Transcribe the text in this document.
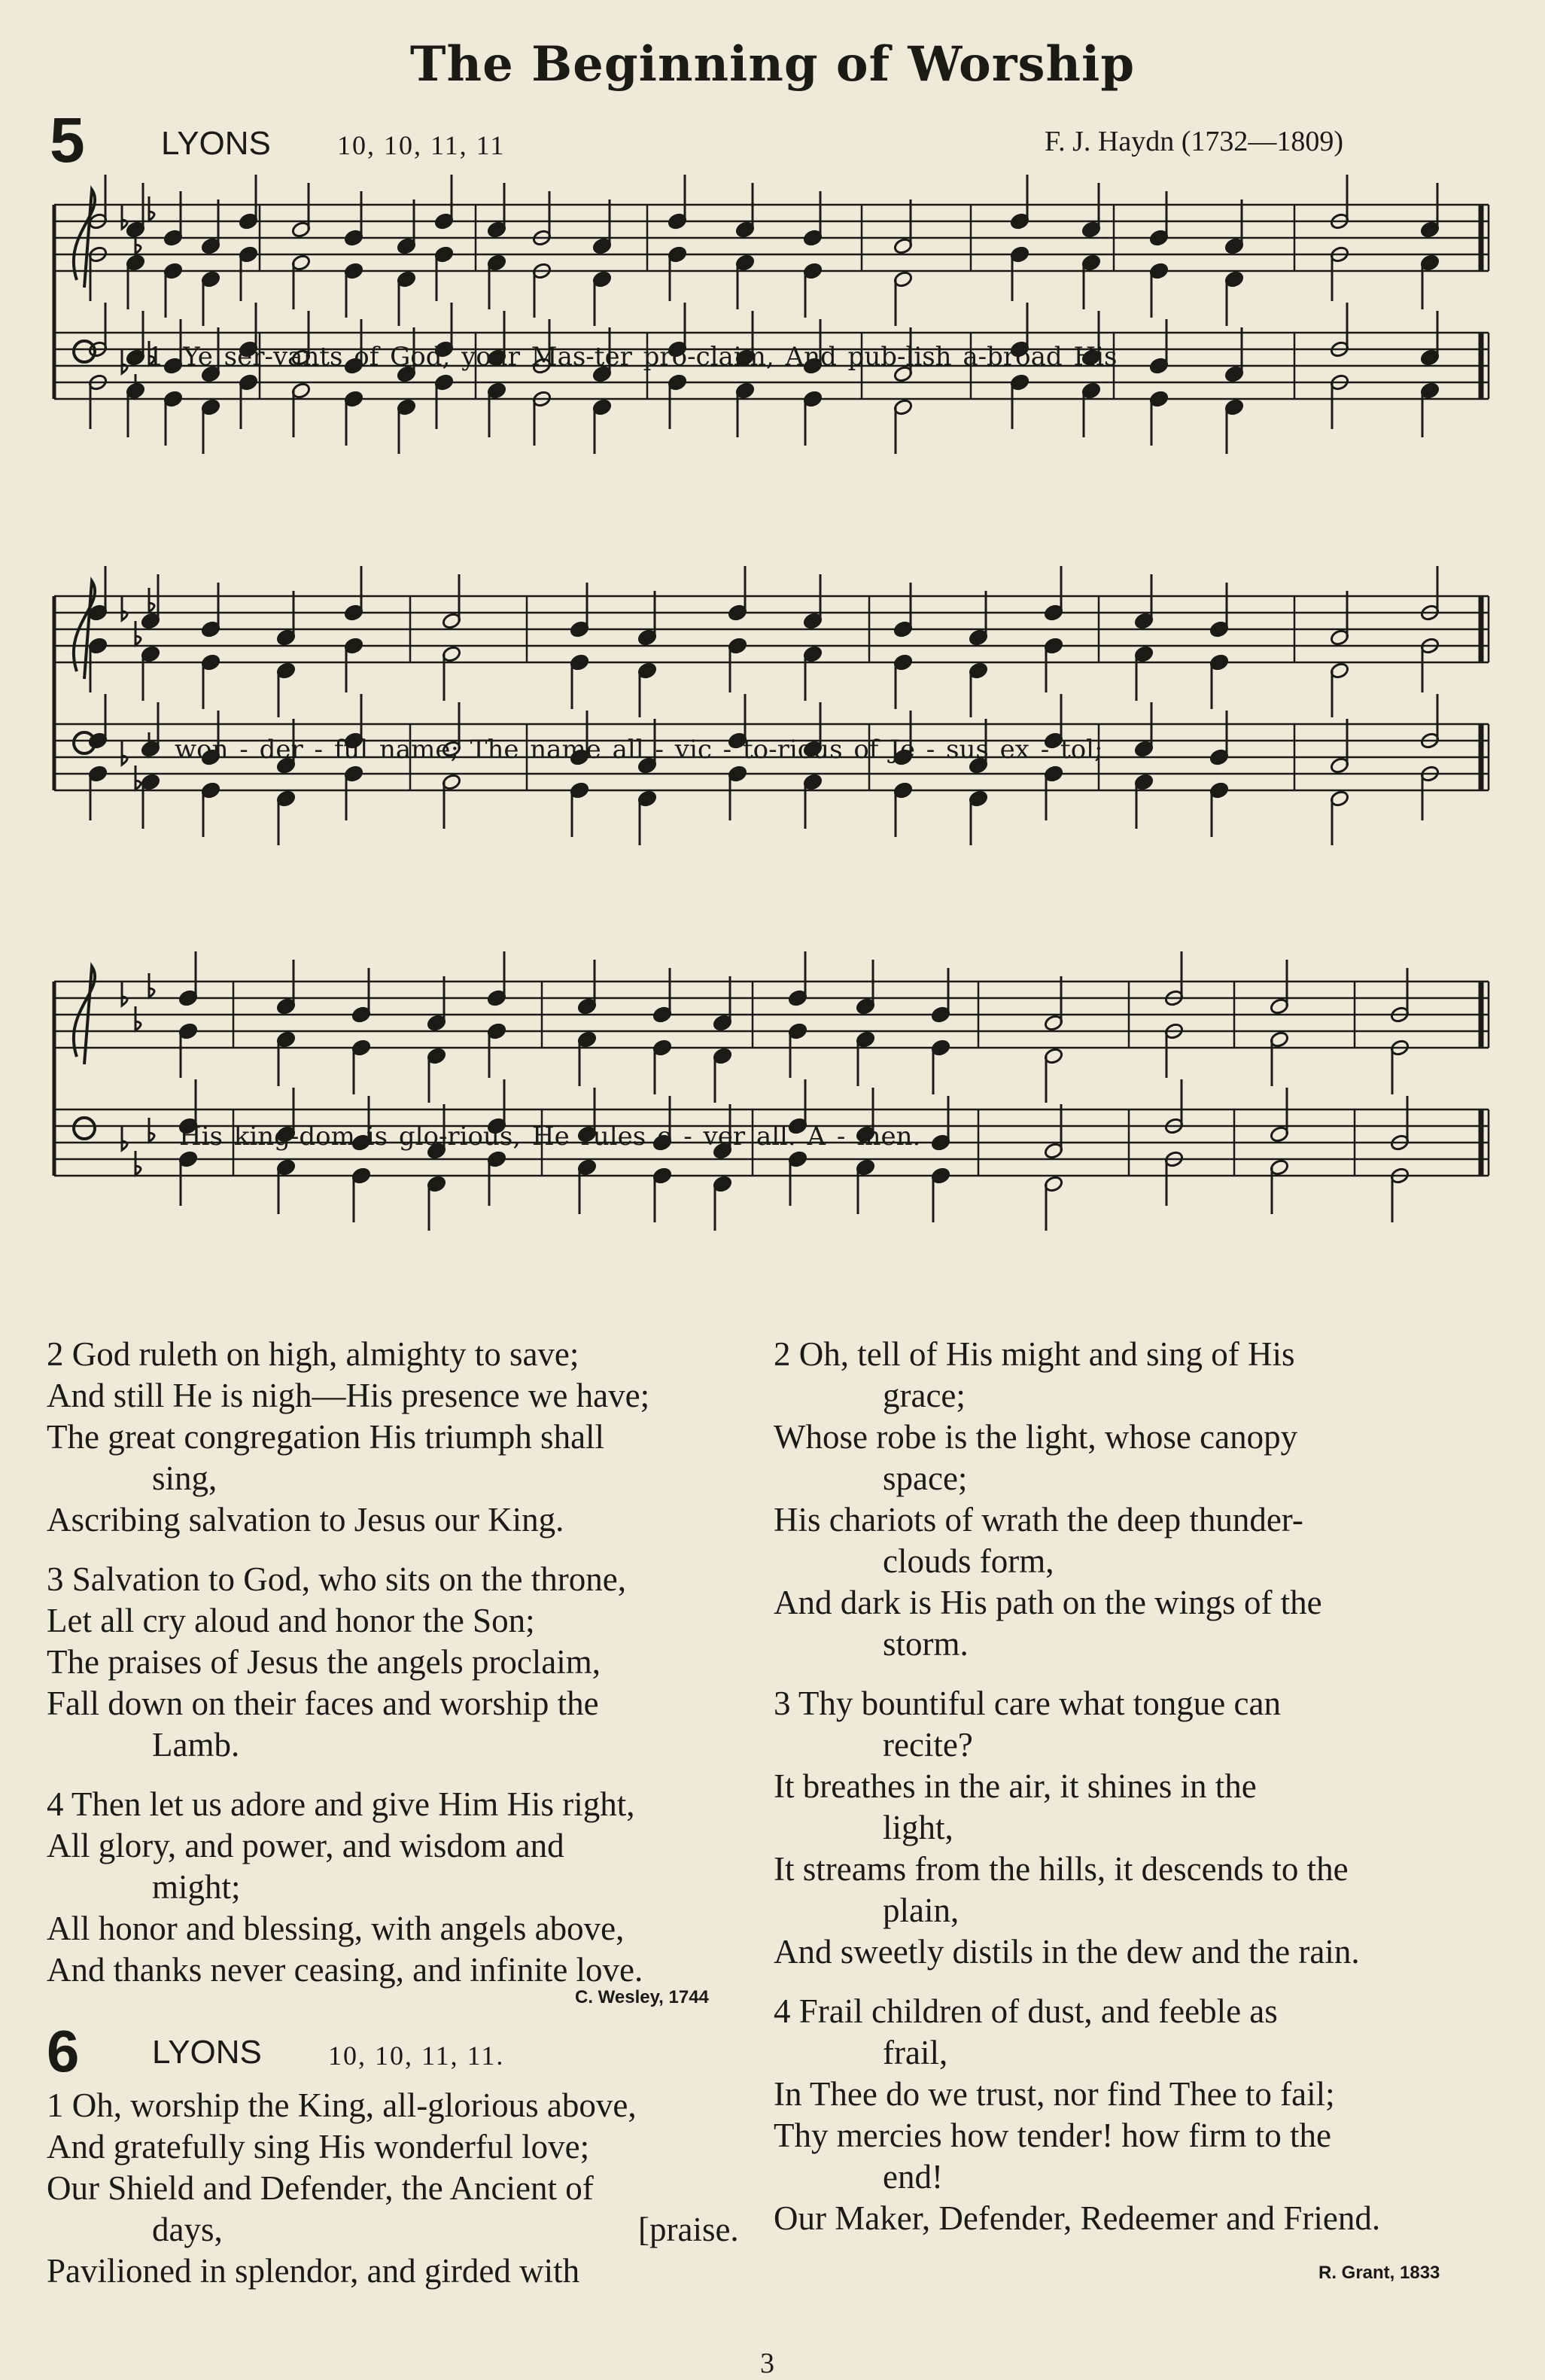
The Beginning of Worship
5 LYONS 10, 10, 11, 11	F. J. Haydn (1732—1809)
1. Ye ser-vants of God, your Mas-ter pro-claim, And pub-lish a-broad His
won - der - ful name; The name all - vic - to-rious of Je - sus ex - tol;
His king-dom is glo-rious, He rules o - ver all. A - men.

2 God ruleth on high, almighty to save;

And still He is nigh—His presence we have;

The great congregation His triumph shall

sing,

Ascribing salvation to Jesus our King.

3 Salvation to God, who sits on the throne,

Let all cry aloud and honor the Son;

The praises of Jesus the angels proclaim,

Fall down on their faces and worship the

Lamb.

4 Then let us adore and give Him His right,

All glory, and power, and wisdom and

might;

All honor and blessing, with angels above,

And thanks never ceasing, and infinite love.

C. Wesley, 1744
6 LYONS 10, 10, 11, 11.

1 Oh, worship the King, all-glorious above,

And gratefully sing His wonderful love;

Our Shield and Defender, the Ancient of

days,	[praise.

Pavilioned in splendor, and girded with

2 Oh, tell of His might and sing of His

grace;

Whose robe is the light, whose canopy

space;

His chariots of wrath the deep thunder-

clouds form,

And dark is His path on the wings of the

storm.

3 Thy bountiful care what tongue can

recite?

It breathes in the air, it shines in the

light,

It streams from the hills, it descends to the

plain,

And sweetly distils in the dew and the rain.

4 Frail children of dust, and feeble as

frail,

In Thee do we trust, nor find Thee to fail;

Thy mercies how tender! how firm to the

end!

Our Maker, Defender, Redeemer and Friend.

R. Grant, 1833
3
